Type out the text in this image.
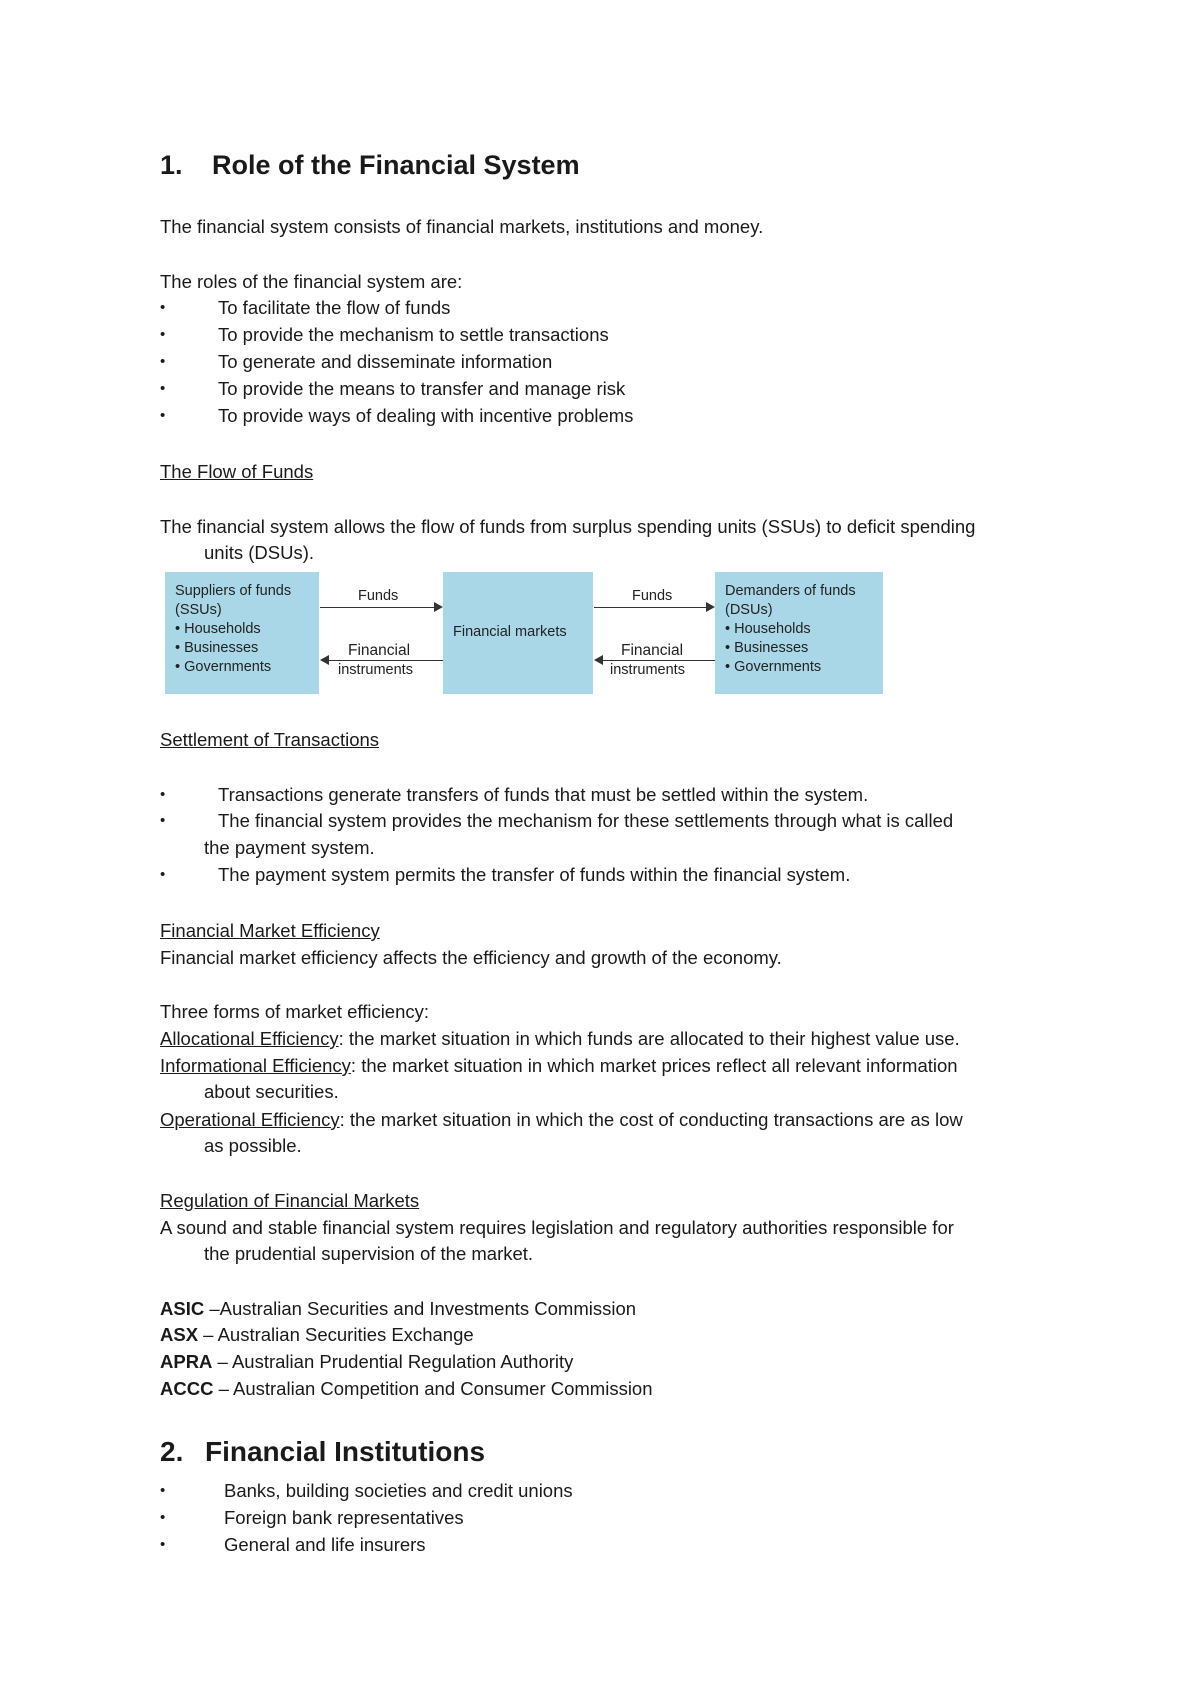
1. Role of the Financial System
The financial system consists of financial markets, institutions and money.
The roles of the financial system are:
•	To facilitate the flow of funds
•	To provide the mechanism to settle transactions
•	To generate and disseminate information
•	To provide the means to transfer and manage risk
•	To provide ways of dealing with incentive problems
The Flow of Funds
The financial system allows the flow of funds from surplus spending units (SSUs) to deficit spending
units (DSUs).
Suppliers of funds
(SSUs)
• Households
• Businesses
• Governments
Financial markets
Demanders of funds
(DSUs)
• Households
• Businesses
• Governments
Funds
Financial
instruments
Funds
Financial
instruments
Settlement of Transactions
•	Transactions generate transfers of funds that must be settled within the system.
•	The financial system provides the mechanism for these settlements through what is called
the payment system.
•	The payment system permits the transfer of funds within the financial system.
Financial Market Efficiency
Financial market efficiency affects the efficiency and growth of the economy.
Three forms of market efficiency:
Allocational Efficiency: the market situation in which funds are allocated to their highest value use.
Informational Efficiency: the market situation in which market prices reflect all relevant information
about securities.
Operational Efficiency: the market situation in which the cost of conducting transactions are as low
as possible.
Regulation of Financial Markets
A sound and stable financial system requires legislation and regulatory authorities responsible for
the prudential supervision of the market.
ASIC –Australian Securities and Investments Commission
ASX – Australian Securities Exchange
APRA – Australian Prudential Regulation Authority
ACCC – Australian Competition and Consumer Commission
2. Financial Institutions
•	Banks, building societies and credit unions
•	Foreign bank representatives
•	General and life insurers
